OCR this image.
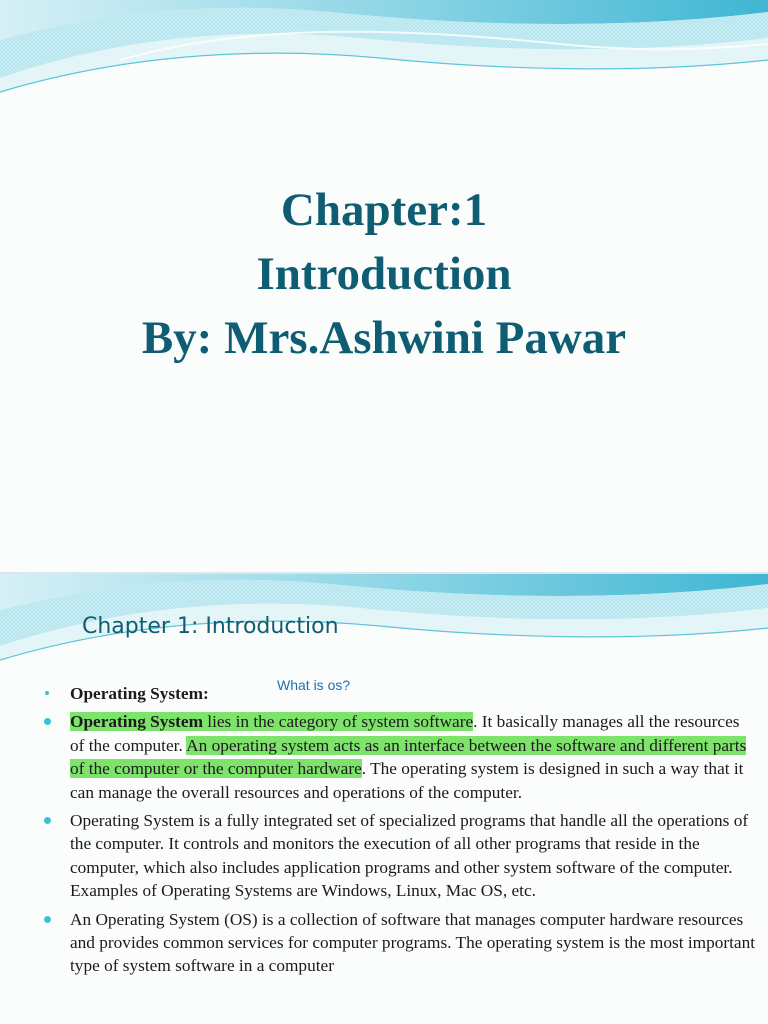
Chapter:1
Introduction
By: Mrs.Ashwini Pawar
Chapter 1: Introduction
What is os?
Operating System:
Operating System lies in the category of system software. It basically manages all the resources of the computer. An operating system acts as an interface between the software and different parts of the computer or the computer hardware. The operating system is designed in such a way that it can manage the overall resources and operations of the computer.
Operating System is a fully integrated set of specialized programs that handle all the operations of the computer. It controls and monitors the execution of all other programs that reside in the computer, which also includes application programs and other system software of the computer. Examples of Operating Systems are Windows, Linux, Mac OS, etc.
An Operating System (OS) is a collection of software that manages computer hardware resources and provides common services for computer programs. The operating system is the most important type of system software in a computer
